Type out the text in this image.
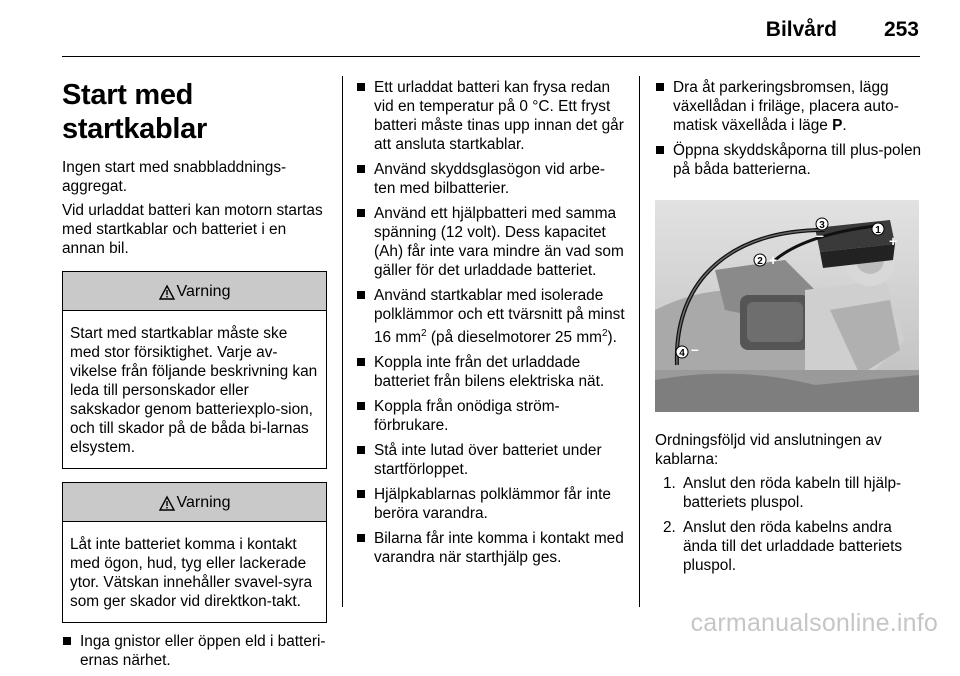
Bilvård 253
Start med startkablar

Ingen start med snabbladdnings-aggregat.

Vid urladdat batteri kan motorn startas med startkablar och batteriet i en annan bil.

Varning
Start med startkablar måste ske med stor försiktighet. Varje av-vikelse från följande beskrivning kan leda till personskador eller sakskador genom batteriexplo-sion, och till skador på de båda bi-larnas elsystem.
Varning
Låt inte batteriet komma i kontakt med ögon, hud, tyg eller lackerade ytor. Vätskan innehåller svavel-syra som ger skador vid direktkon-takt.
Inga gnistor eller öppen eld i batteri-ernas närhet.
Ett urladdat batteri kan frysa redan vid en temperatur på 0 °C. Ett fryst batteri måste tinas upp innan det går att ansluta startkablar.
Använd skyddsglasögon vid arbe-ten med bilbatterier.
Använd ett hjälpbatteri med samma spänning (12 volt). Dess kapacitet (Ah) får inte vara mindre än vad som gäller för det urladdade batteriet.
Använd startkablar med isolerade polklämmor och ett tvärsnitt på minst 16 $mm^2$ (på dieselmotorer 25 $mm^2$).
Koppla inte från det urladdade batteriet från bilens elektriska nät.
Koppla från onödiga ström-förbrukare.
Stå inte lutad över batteriet under startförloppet.
Hjälpkablarnas polklämmor får inte beröra varandra.
Bilarna får inte komma i kontakt med varandra när starthjälp ges.
Dra åt parkeringsbromsen, lägg växellådan i friläge, placera auto-matisk växellåda i läge P.
Öppna skyddskåporna till plus-polen på båda batterierna.
1
+
2 +
3
–
4 –

Ordningsföljd vid anslutningen av kablarna:

1. Anslut den röda kabeln till hjälp-batteriets pluspol.
2. Anslut den röda kabelns andra ända till det urladdade batteriets pluspol.
carmanualsonline.info
